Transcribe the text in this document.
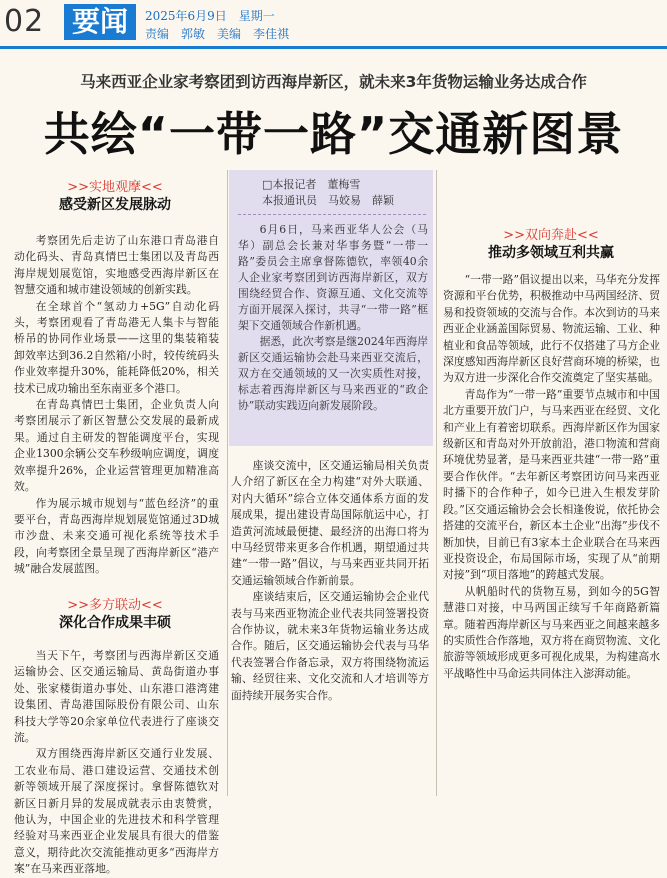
02 要闻	2025年6月9日　星期一
责编　郭敏　美编　李佳祺
马来西亚企业家考察团到访西海岸新区，就未来3年货物运输业务达成合作
共绘“一带一路”交通新图景
>>实地观摩<<
感受新区发展脉动

考察团先后走访了山东港口青岛港自动化码头、青岛真情巴士集团以及青岛西海岸规划展览馆，实地感受西海岸新区在智慧交通和城市建设领域的创新实践。

在全球首个“氢动力+5G”自动化码头，考察团观看了青岛港无人集卡与智能桥吊的协同作业场景——这里的集装箱装卸效率达到36.2自然箱/小时，较传统码头作业效率提升30%，能耗降低20%，相关技术已成功输出至东南亚多个港口。

在青岛真情巴士集团，企业负责人向考察团展示了新区智慧公交发展的最新成果。通过自主研发的智能调度平台，实现企业1300余辆公交车秒级响应调度，调度效率提升26%，企业运营管理更加精准高效。

作为展示城市规划与“蓝色经济”的重要平台，青岛西海岸规划展览馆通过3D城市沙盘、未来交通可视化系统等技术手段，向考察团全景呈现了西海岸新区“港产城”融合发展蓝图。

>>多方联动<<
深化合作成果丰硕

当天下午，考察团与西海岸新区交通运输协会、区交通运输局、黄岛街道办事处、张家楼街道办事处、山东港口港湾建设集团、青岛港国际股份有限公司、山东科技大学等20余家单位代表进行了座谈交流。

双方围绕西海岸新区交通行业发展、工农业布局、港口建设运营、交通技术创新等领域开展了深度探讨。拿督陈德钦对新区日新月异的发展成就表示由衷赞赏，他认为，中国企业的先进技术和科学管理经验对马来西亚企业发展具有很大的借鉴意义，期待此次交流能推动更多“西海岸方案”在马来西亚落地。

座谈交流中，区交通运输局相关负责人介绍了新区在全力构建“对外大联通、对内大循环”综合立体交通体系方面的发展成果，提出建设青岛国际航运中心，打造黄河流域最便捷、最经济的出海口将为中马经贸带来更多合作机遇，期望通过共建“一带一路”倡议，与马来西亚共同开拓交通运输领域合作新前景。

座谈结束后，区交通运输协会企业代表与马来西亚物流企业代表共同签署投资合作协议，就未来3年货物运输业务达成合作。随后，区交通运输协会代表与马华代表签署合作备忘录，双方将围绕物流运输、经贸往来、文化交流和人才培训等方面持续开展务实合作。

□本报记者　董梅雪
本报通讯员　马姣易　薛颖

6月6日，马来西亚华人公会（马华）副总会长兼对华事务暨“一带一路”委员会主席拿督陈德钦，率领40余人企业家考察团到访西海岸新区，双方围绕经贸合作、资源互通、文化交流等方面开展深入探讨，共寻“一带一路”框架下交通领域合作新机遇。

据悉，此次考察是继2024年西海岸新区交通运输协会赴马来西亚交流后，双方在交通领域的又一次实质性对接，标志着西海岸新区与马来西亚的“政企协”联动实践迈向新发展阶段。

>>双向奔赴<<
推动多领域互利共赢

“一带一路”倡议提出以来，马华充分发挥资源和平台优势，积极推动中马两国经济、贸易和投资领域的交流与合作。本次到访的马来西亚企业涵盖国际贸易、物流运输、工业、种植业和食品等领域，此行不仅搭建了马方企业深度感知西海岸新区良好营商环境的桥梁，也为双方进一步深化合作交流奠定了坚实基础。

青岛作为“一带一路”重要节点城市和中国北方重要开放门户，与马来西亚在经贸、文化和产业上有着密切联系。西海岸新区作为国家级新区和青岛对外开放前沿，港口物流和营商环境优势显著，是马来西亚共建“一带一路”重要合作伙伴。“去年新区考察团访问马来西亚时播下的合作种子，如今已进入生根发芽阶段。”区交通运输协会会长相逢俊说，依托协会搭建的交流平台，新区本土企业“出海”步伐不断加快，目前已有3家本土企业联合在马来西亚投资设企，布局国际市场，实现了从“前期对接”到“项目落地”的跨越式发展。

从帆船时代的货物互易，到如今的5G智慧港口对接，中马两国正续写千年商路新篇章。随着西海岸新区与马来西亚之间越来越多的实质性合作落地，双方将在商贸物流、文化旅游等领域形成更多可视化成果，为构建高水平战略性中马命运共同体注入澎湃动能。
